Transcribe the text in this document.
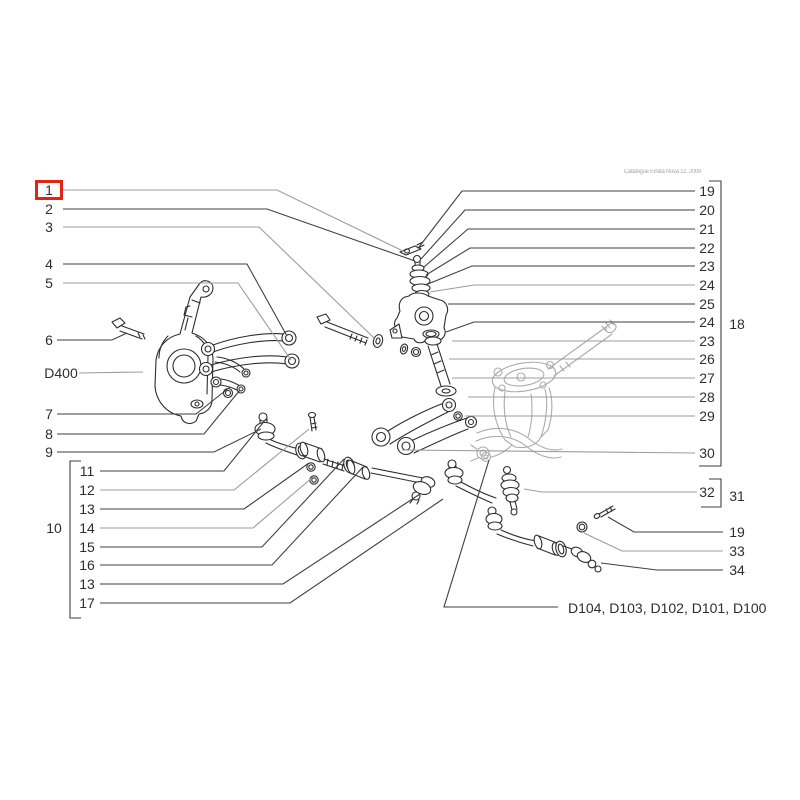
Catalogue Errata Nova 12. 2009
1
2
3
4
5
6
D400
7
8
9
10
11
12
13
14
15
16
13
17
19
20
21
22
23
24
25
24
23
26
27
28
29
30
18
32 31
19
33
34
D104, D103, D102, D101, D100
